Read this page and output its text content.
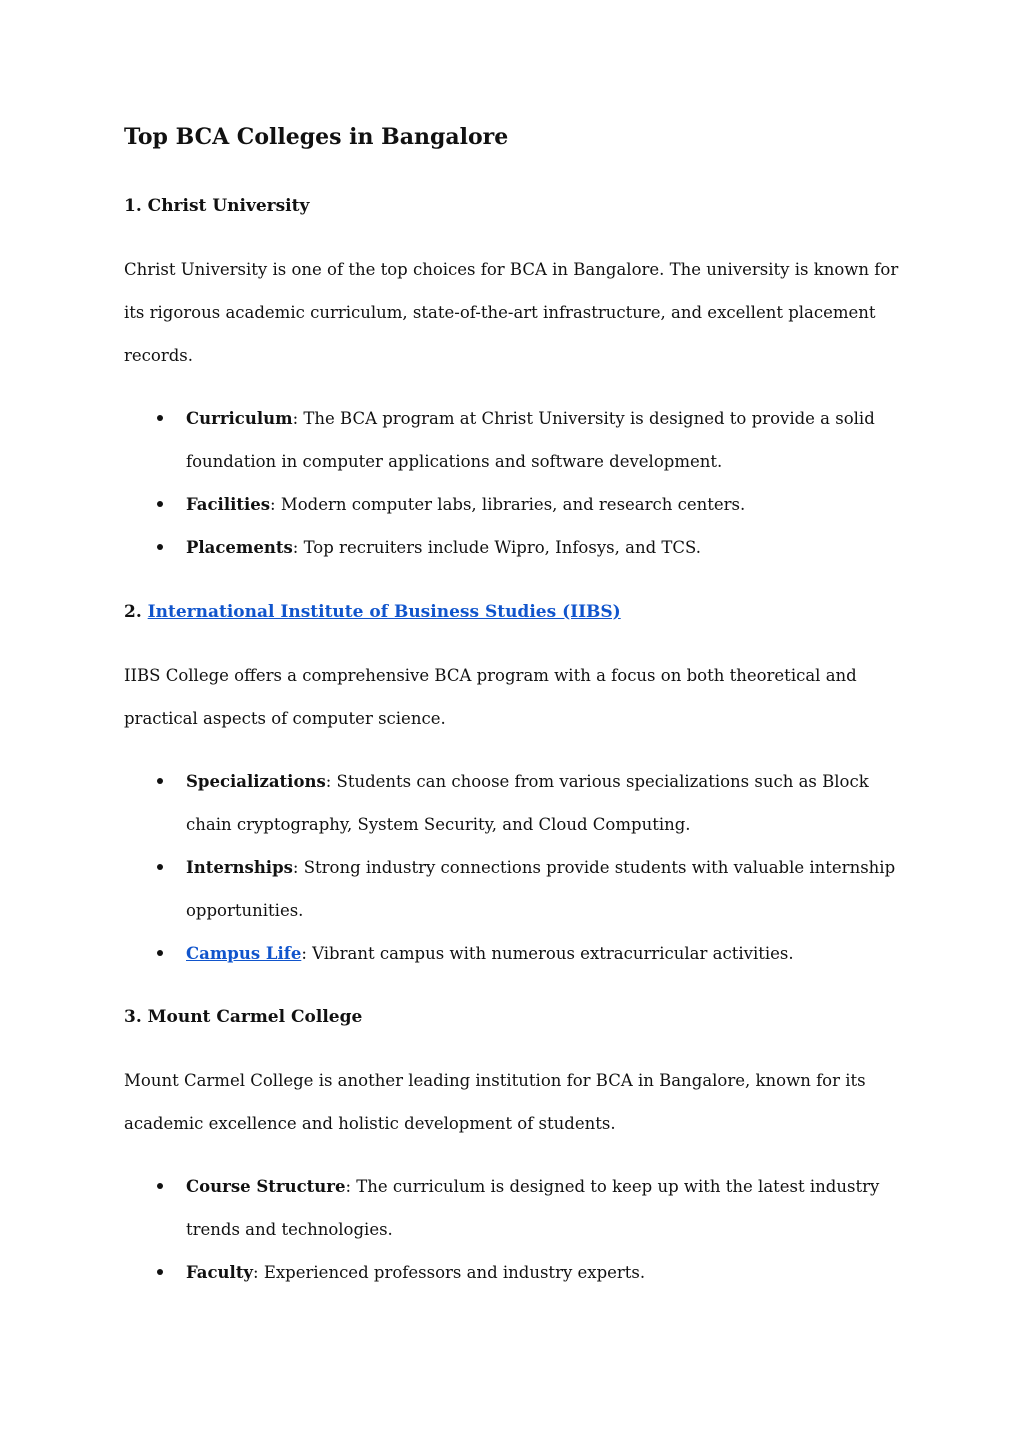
Top BCA Colleges in Bangalore
1. Christ University

Christ University is one of the top choices for BCA in Bangalore. The university is known for its rigorous academic curriculum, state-of-the-art infrastructure, and excellent placement records.

Curriculum: The BCA program at Christ University is designed to provide a solid foundation in computer applications and software development.
Facilities: Modern computer labs, libraries, and research centers.
Placements: Top recruiters include Wipro, Infosys, and TCS.
2. International Institute of Business Studies (IIBS)

IIBS College offers a comprehensive BCA program with a focus on both theoretical and practical aspects of computer science.

Specializations: Students can choose from various specializations such as Block chain cryptography, System Security, and Cloud Computing.
Internships: Strong industry connections provide students with valuable internship opportunities.
Campus Life: Vibrant campus with numerous extracurricular activities.
3. Mount Carmel College

Mount Carmel College is another leading institution for BCA in Bangalore, known for its academic excellence and holistic development of students.

Course Structure: The curriculum is designed to keep up with the latest industry trends and technologies.
Faculty: Experienced professors and industry experts.
